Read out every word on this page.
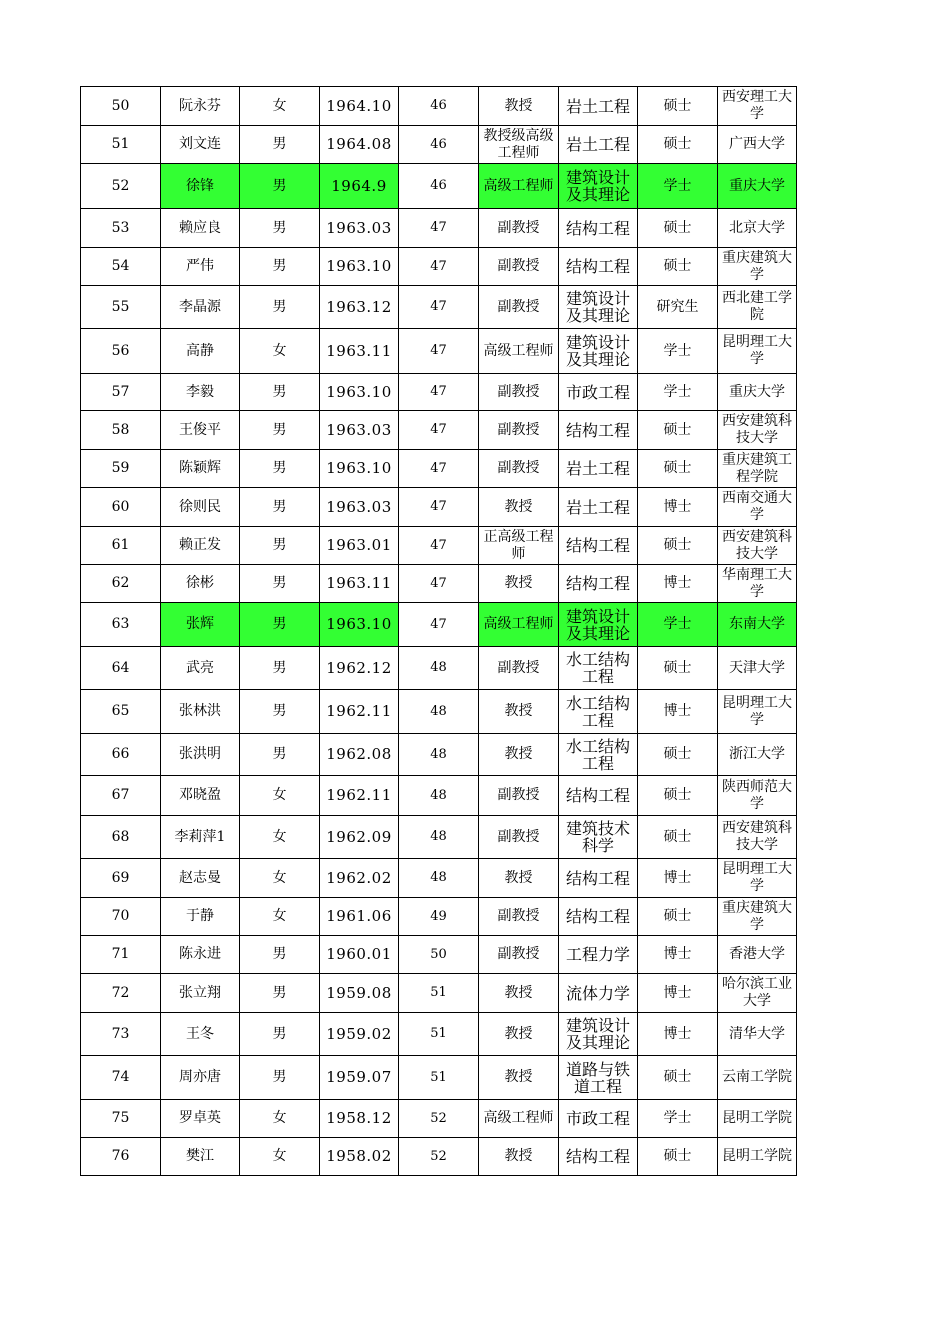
50	阮永芬	女	1964.10	46	教授	岩土工程	硕士	西安理工大学
51	刘文连	男	1964.08	46	教授级高级工程师	岩土工程	硕士	广西大学
52	徐锋	男	1964.9	46	高级工程师	建筑设计及其理论	学士	重庆大学
53	赖应良	男	1963.03	47	副教授	结构工程	硕士	北京大学
54	严伟	男	1963.10	47	副教授	结构工程	硕士	重庆建筑大学
55	李晶源	男	1963.12	47	副教授	建筑设计及其理论	研究生	西北建工学院
56	高静	女	1963.11	47	高级工程师	建筑设计及其理论	学士	昆明理工大学
57	李毅	男	1963.10	47	副教授	市政工程	学士	重庆大学
58	王俊平	男	1963.03	47	副教授	结构工程	硕士	西安建筑科技大学
59	陈颖辉	男	1963.10	47	副教授	岩土工程	硕士	重庆建筑工程学院
60	徐则民	男	1963.03	47	教授	岩土工程	博士	西南交通大学
61	赖正发	男	1963.01	47	正高级工程师	结构工程	硕士	西安建筑科技大学
62	徐彬	男	1963.11	47	教授	结构工程	博士	华南理工大学
63	张辉	男	1963.10	47	高级工程师	建筑设计及其理论	学士	东南大学
64	武亮	男	1962.12	48	副教授	水工结构工程	硕士	天津大学
65	张林洪	男	1962.11	48	教授	水工结构工程	博士	昆明理工大学
66	张洪明	男	1962.08	48	教授	水工结构工程	硕士	浙江大学
67	邓晓盈	女	1962.11	48	副教授	结构工程	硕士	陕西师范大学
68	李莉萍1	女	1962.09	48	副教授	建筑技术科学	硕士	西安建筑科技大学
69	赵志曼	女	1962.02	48	教授	结构工程	博士	昆明理工大学
70	于静	女	1961.06	49	副教授	结构工程	硕士	重庆建筑大学
71	陈永进	男	1960.01	50	副教授	工程力学	博士	香港大学
72	张立翔	男	1959.08	51	教授	流体力学	博士	哈尔滨工业大学
73	王冬	男	1959.02	51	教授	建筑设计及其理论	博士	清华大学
74	周亦唐	男	1959.07	51	教授	道路与铁道工程	硕士	云南工学院
75	罗卓英	女	1958.12	52	高级工程师	市政工程	学士	昆明工学院
76	樊江	女	1958.02	52	教授	结构工程	硕士	昆明工学院
